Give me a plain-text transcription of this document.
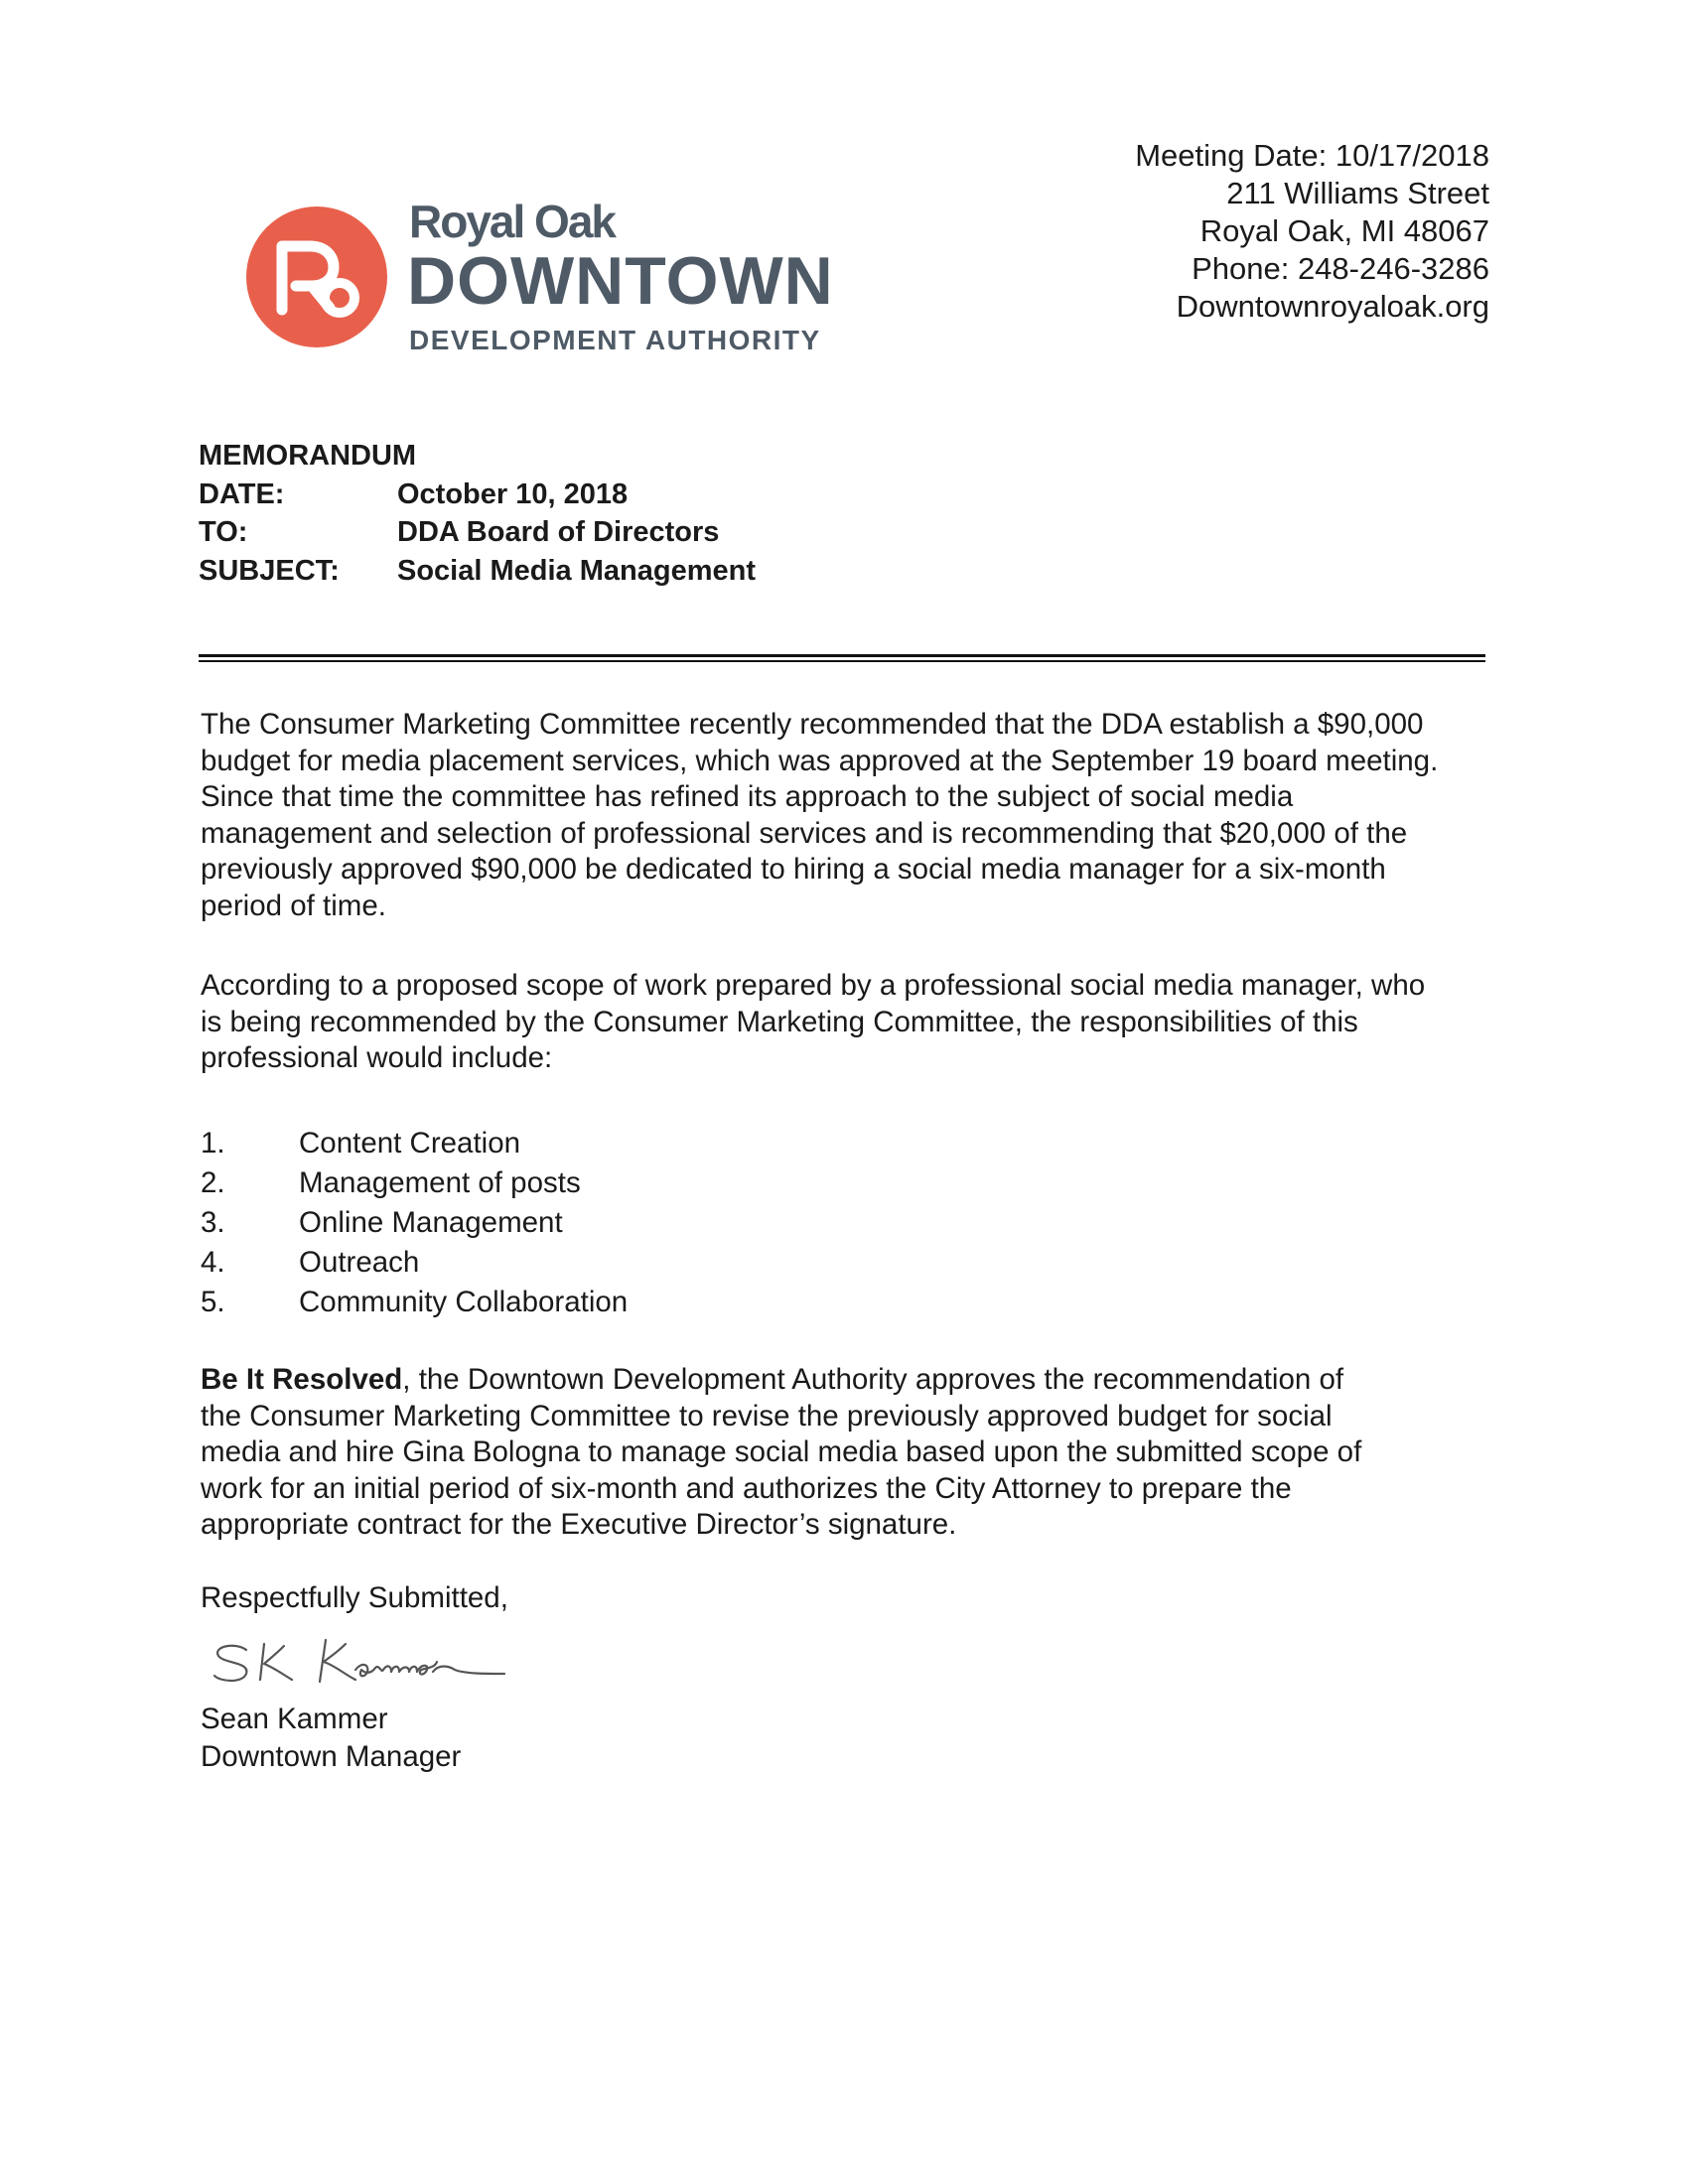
Meeting Date: 10/17/2018
211 Williams Street
Royal Oak, MI 48067
Phone: 248-246-3286
Downtownroyaloak.org
Royal Oak
DOWNTOWN
DEVELOPMENT AUTHORITY
MEMORANDUM
DATE:	October 10, 2018
TO:	DDA Board of Directors
SUBJECT: Social Media Management
The Consumer Marketing Committee recently recommended that the DDA establish a $90,000
budget for media placement services, which was approved at the September 19 board meeting.
Since that time the committee has refined its approach to the subject of social media
management and selection of professional services and is recommending that $20,000 of the
previously approved $90,000 be dedicated to hiring a social media manager for a six-month
period of time.
According to a proposed scope of work prepared by a professional social media manager, who
is being recommended by the Consumer Marketing Committee, the responsibilities of this
professional would include:
1.	Content Creation
2.	Management of posts
3.	Online Management
4.	Outreach
5.	Community Collaboration
Be It Resolved, the Downtown Development Authority approves the recommendation of
the Consumer Marketing Committee to revise the previously approved budget for social
media and hire Gina Bologna to manage social media based upon the submitted scope of
work for an initial period of six-month and authorizes the City Attorney to prepare the
appropriate contract for the Executive Director’s signature.
Respectfully Submitted,
Sean Kammer
Downtown Manager
